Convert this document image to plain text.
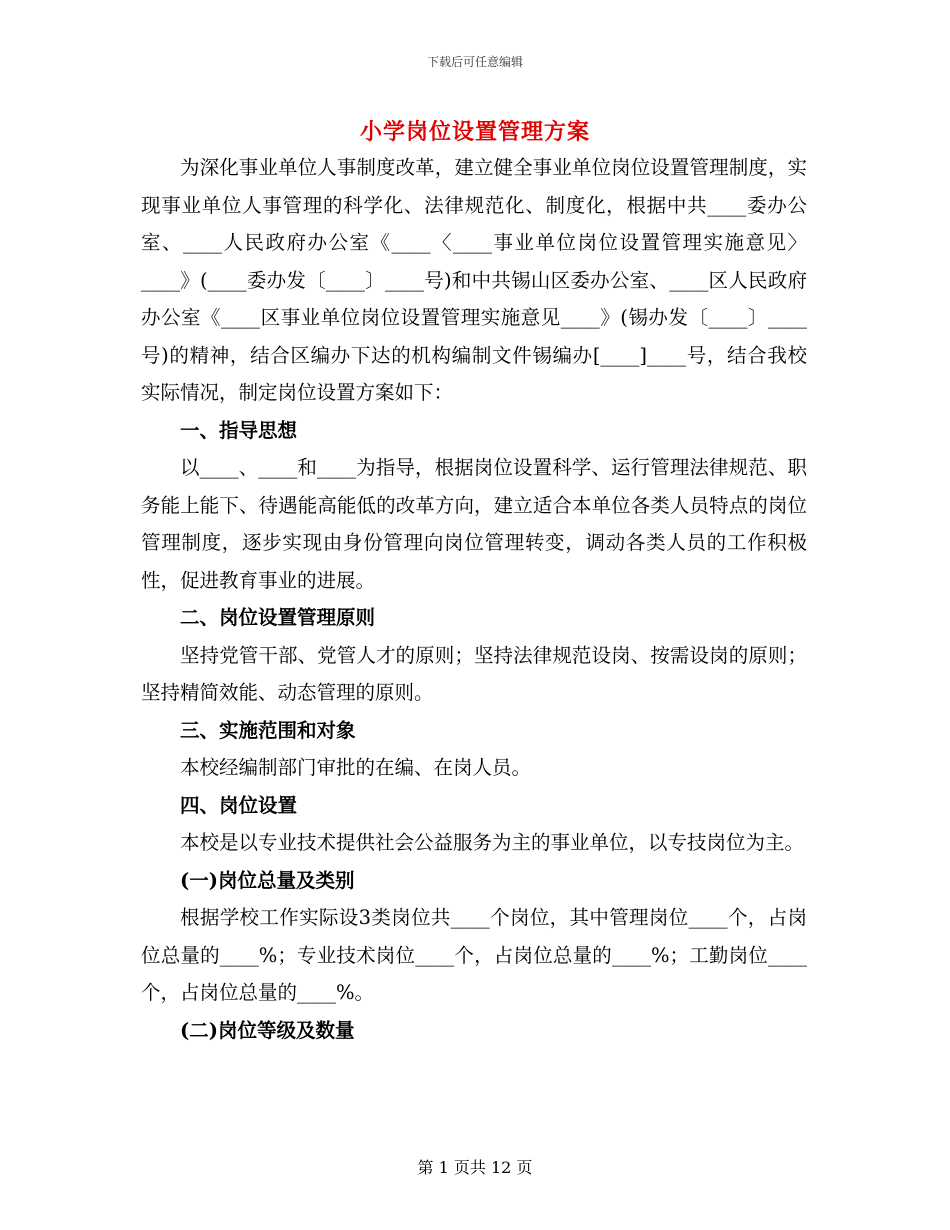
下载后可任意编辑
小学岗位设置管理方案

为深化事业单位人事制度改革，建立健全事业单位岗位设置管理制度，实现事业单位人事管理的科学化、法律规范化、制度化，根据中共____委办公室、____人民政府办公室《____〈____事业单位岗位设置管理实施意见〉____》(____委办发〔____〕____号)和中共锡山区委办公室、____区人民政府办公室《____区事业单位岗位设置管理实施意见____》(锡办发〔____〕____号)的精神，结合区编办下达的机构编制文件锡编办[____]____号，结合我校实际情况，制定岗位设置方案如下：

一、指导思想

以____、____和____为指导，根据岗位设置科学、运行管理法律规范、职务能上能下、待遇能高能低的改革方向，建立适合本单位各类人员特点的岗位管理制度，逐步实现由身份管理向岗位管理转变，调动各类人员的工作积极性，促进教育事业的进展。

二、岗位设置管理原则

坚持党管干部、党管人才的原则；坚持法律规范设岗、按需设岗的原则；坚持精简效能、动态管理的原则。

三、实施范围和对象

本校经编制部门审批的在编、在岗人员。

四、岗位设置

本校是以专业技术提供社会公益服务为主的事业单位，以专技岗位为主。

(一)岗位总量及类别

根据学校工作实际设3类岗位共____个岗位，其中管理岗位____个，占岗位总量的____%；专业技术岗位____个，占岗位总量的____%；工勤岗位____个，占岗位总量的____%。

(二)岗位等级及数量
第 1 页共 12 页
